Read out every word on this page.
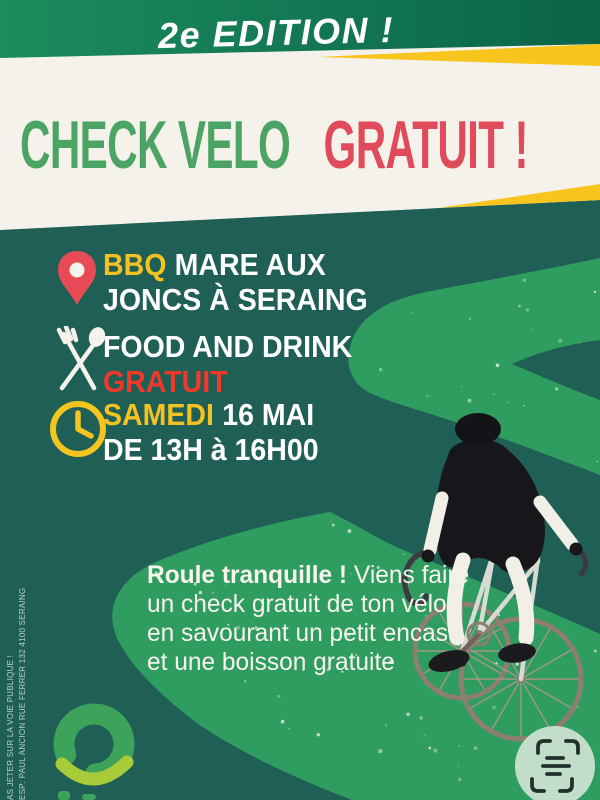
2e EDITION !
CHECK VELO GRATUIT !
BBQ MARE AUX
JONCS À SERAING
FOOD AND DRINK
GRATUIT
SAMEDI 16 MAI
DE 13H à 16H00
Roule tranquille ! Viens faire
un check gratuit de ton vélo
en savourant un petit encas
et une boisson gratuite
AS JETER SUR LA VOIE PUBLIQUE ! ESP: PAUL ANCION RUE FERRER 132 4100 SERAING
